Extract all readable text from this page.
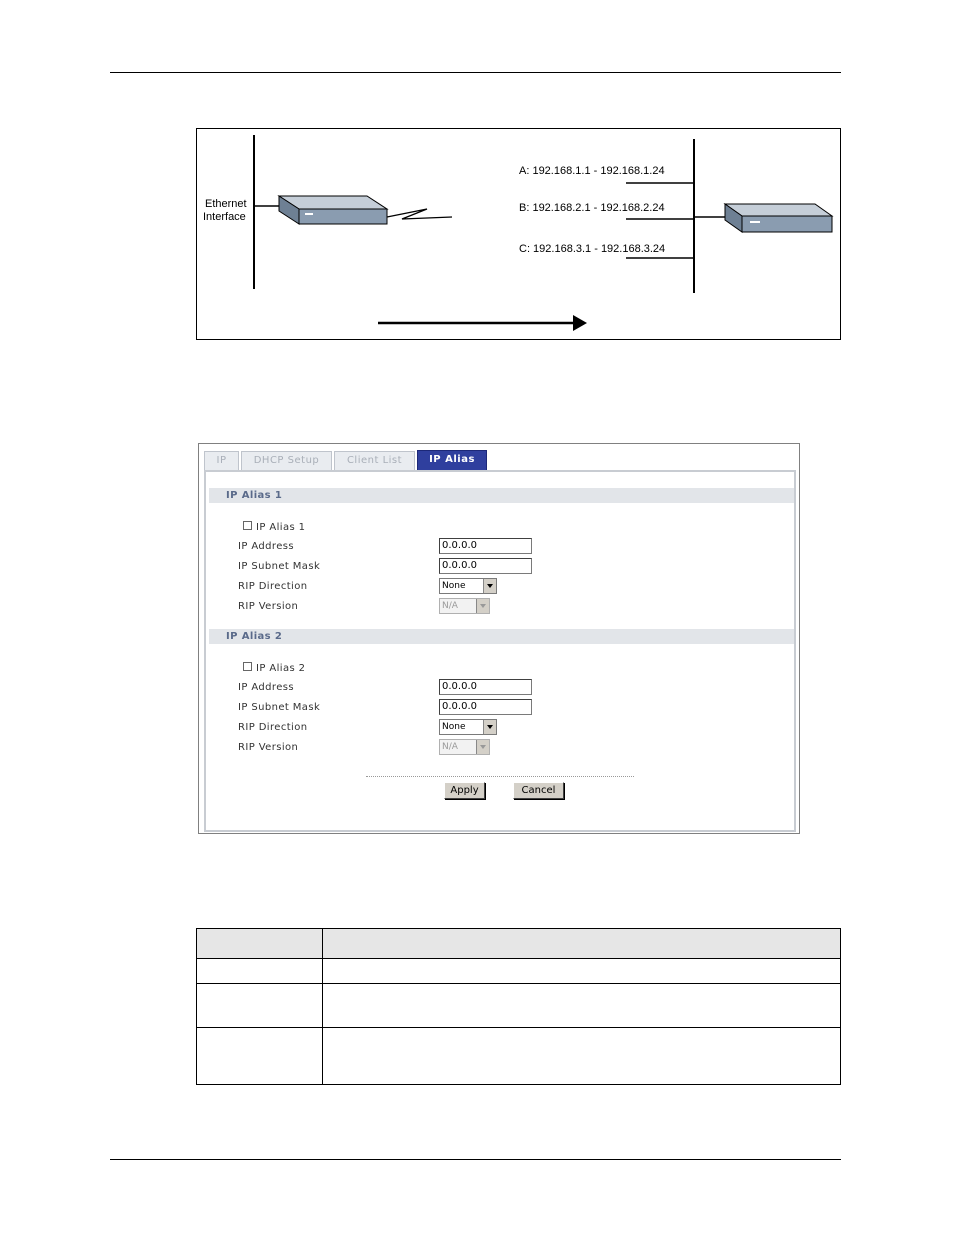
Ethernet
Interface
A: 192.168.1.1 - 192.168.1.24
B: 192.168.2.1 - 192.168.2.24
C: 192.168.3.1 - 192.168.3.24
IP	DHCP Setup	Client List	IP Alias
IP Alias 1
IP Alias 1
IP Address	0.0.0.0
IP Subnet Mask	0.0.0.0
RIP Direction	None
RIP Version	N/A
IP Alias 2
IP Alias 2
IP Address	0.0.0.0
IP Subnet Mask	0.0.0.0
RIP Direction	None
RIP Version	N/A
Apply	Cancel
